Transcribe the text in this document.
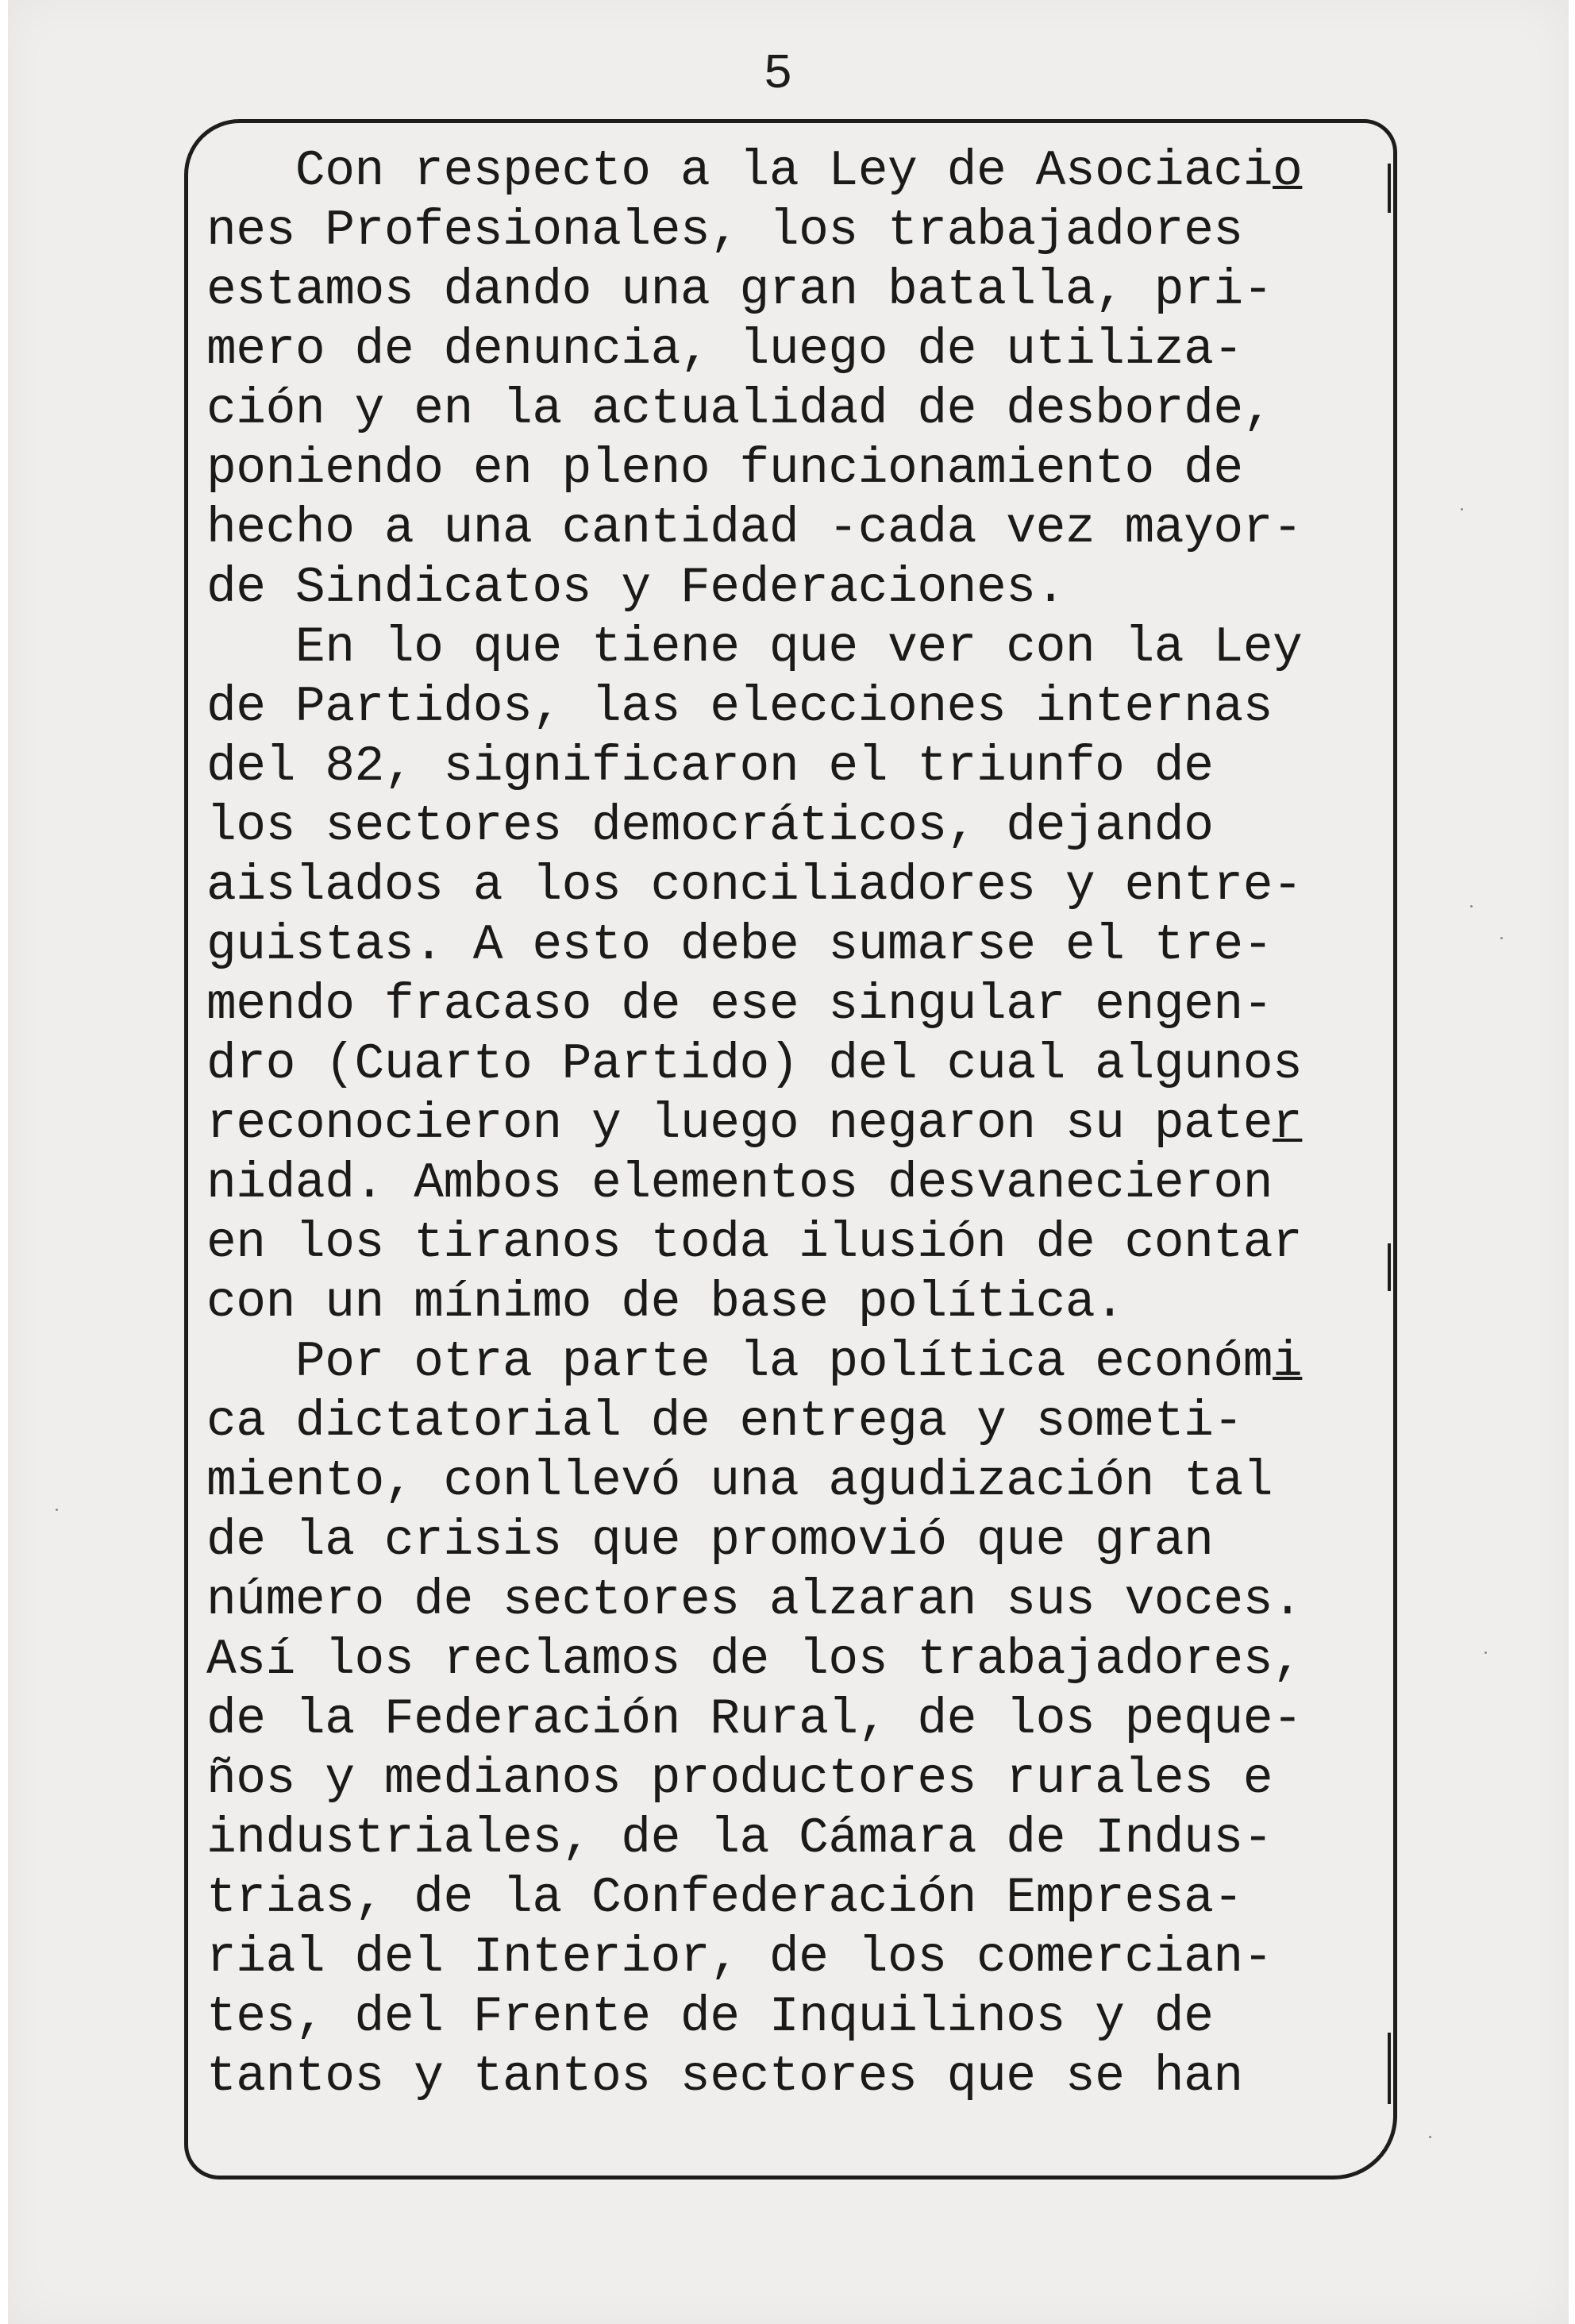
5
Con respecto a la Ley de Asociacio
nes Profesionales, los trabajadores
estamos dando una gran batalla, pri-
mero de denuncia, luego de utiliza-
ción y en la actualidad de desborde,
poniendo en pleno funcionamiento de
hecho a una cantidad -cada vez mayor-
de Sindicatos y Federaciones.
En lo que tiene que ver con la Ley
de Partidos, las elecciones internas
del 82, significaron el triunfo de
los sectores democráticos, dejando
aislados a los conciliadores y entre-
guistas. A esto debe sumarse el tre-
mendo fracaso de ese singular engen-
dro (Cuarto Partido) del cual algunos
reconocieron y luego negaron su pater
nidad. Ambos elementos desvanecieron
en los tiranos toda ilusión de contar
con un mínimo de base política.
Por otra parte la política económi
ca dictatorial de entrega y someti-
miento, conllevó una agudización tal
de la crisis que promovió que gran
número de sectores alzaran sus voces.
Así los reclamos de los trabajadores,
de la Federación Rural, de los peque-
ños y medianos productores rurales e
industriales, de la Cámara de Indus-
trias, de la Confederación Empresa-
rial del Interior, de los comercian-
tes, del Frente de Inquilinos y de
tantos y tantos sectores que se han
